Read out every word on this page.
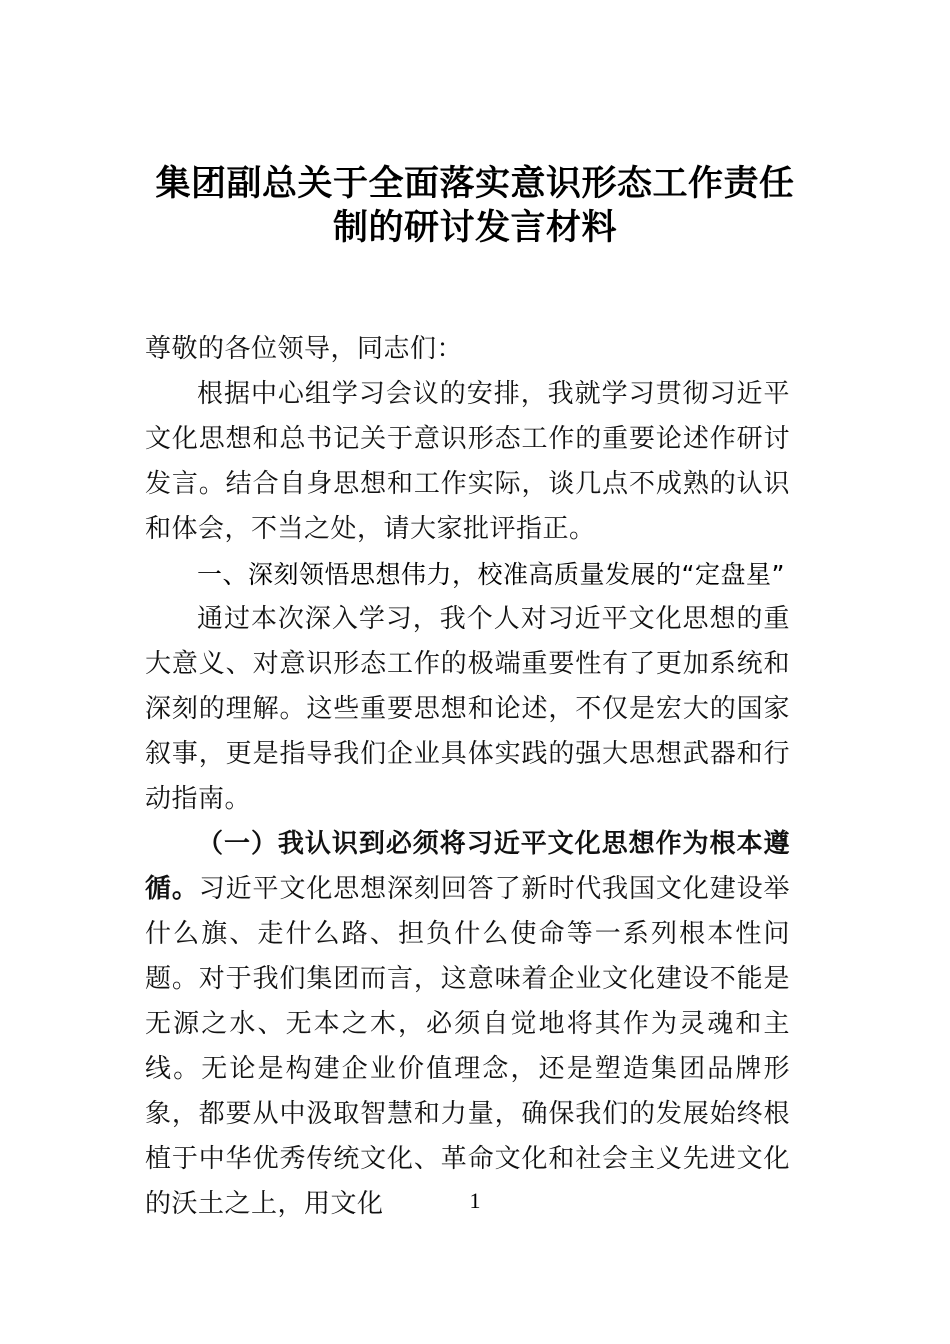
集团副总关于全面落实意识形态工作责任
制的研讨发言材料

尊敬的各位领导，同志们：

根据中心组学习会议的安排，我就学习贯彻习近平文化思想和总书记关于意识形态工作的重要论述作研讨发言。结合自身思想和工作实际，谈几点不成熟的认识和体会，不当之处，请大家批评指正。

一、深刻领悟思想伟力，校准高质量发展的“定盘星”

通过本次深入学习，我个人对习近平文化思想的重大意义、对意识形态工作的极端重要性有了更加系统和深刻的理解。这些重要思想和论述，不仅是宏大的国家叙事，更是指导我们企业具体实践的强大思想武器和行动指南。

（一）我认识到必须将习近平文化思想作为根本遵循。习近平文化思想深刻回答了新时代我国文化建设举什么旗、走什么路、担负什么使命等一系列根本性问题。对于我们集团而言，这意味着企业文化建设不能是无源之水、无本之木，必须自觉地将其作为灵魂和主线。无论是构建企业价值理念，还是塑造集团品牌形象，都要从中汲取智慧和力量，确保我们的发展始终根植于中华优秀传统文化、革命文化和社会主义先进文化的沃土之上，用文化	1
